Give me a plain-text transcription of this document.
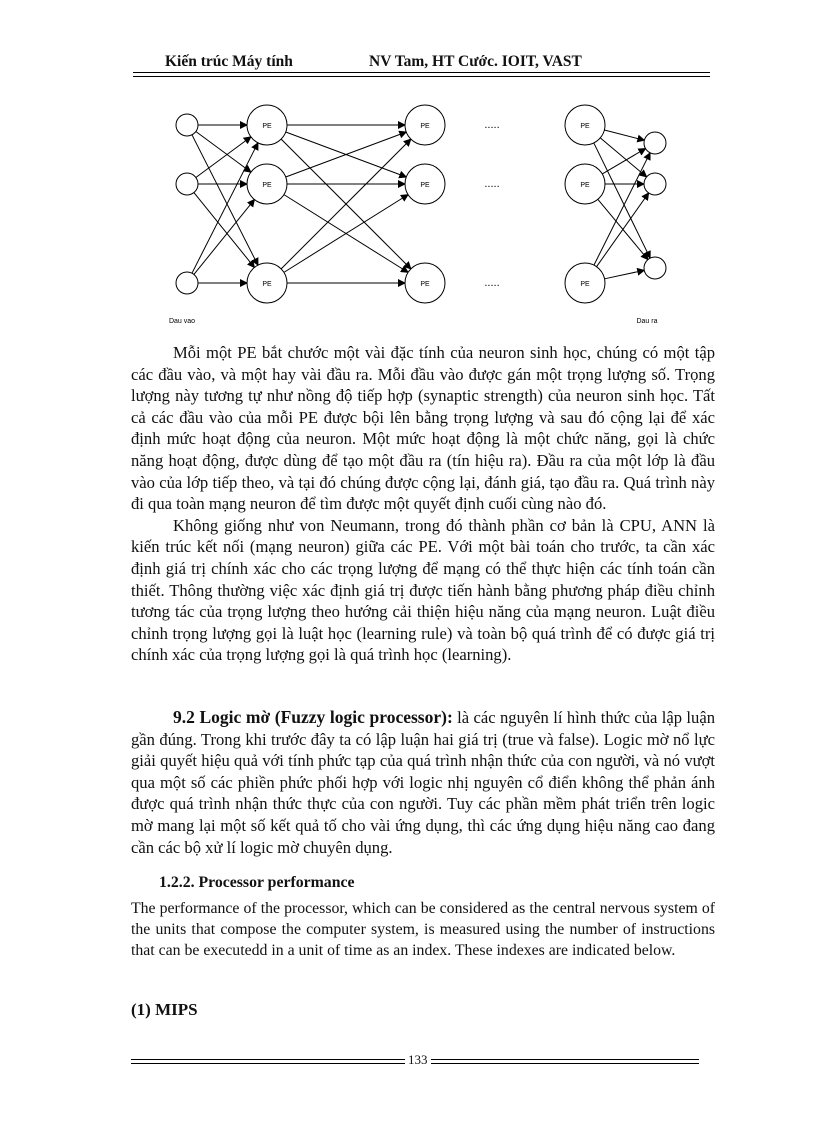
Kiến trúc Máy tính	NV Tam, HT Cước. IOIT, VAST
PE
PE
PE
PE
PE
PE
PE
PE
PE
.....
.....
.....
Dau vao	Dau ra

Mỗi một PE bắt chước một vài đặc tính của neuron sinh học, chúng có một tập các đầu vào, và một hay vài đầu ra. Mỗi đầu vào được gán một trọng lượng số. Trọng lượng này tương tự như nồng độ tiếp hợp (synaptic strength) của neuron sinh học. Tất cả các đầu vào của mỗi PE được bội lên bằng trọng lượng và sau đó cộng lại để xác định mức hoạt động của neuron. Một mức hoạt động là một chức năng, gọi là chức năng hoạt động, được dùng để tạo một đầu ra (tín hiệu ra). Đầu ra của một lớp là đầu vào của lớp tiếp theo, và tại đó chúng được cộng lại, đánh giá, tạo đầu ra. Quá trình này đi qua toàn mạng neuron để tìm được một quyết định cuối cùng nào đó.

Không giống như von Neumann, trong đó thành phần cơ bản là CPU, ANN là kiến trúc kết nối (mạng neuron) giữa các PE. Với một bài toán cho trước, ta cần xác định giá trị chính xác cho các trọng lượng để mạng có thể thực hiện các tính toán cần thiết. Thông thường việc xác định giá trị được tiến hành bằng phương pháp điều chỉnh tương tác của trọng lượng theo hướng cải thiện hiệu năng của mạng neuron. Luật điều chỉnh trọng lượng gọi là luật học (learning rule) và toàn bộ quá trình để có được giá trị chính xác của trọng lượng gọi là quá trình học (learning).

9.2 Logic mờ (Fuzzy logic processor): là các nguyên lí hình thức của lập luận gần đúng. Trong khi trước đây ta có lập luận hai giá trị (true và false). Logic mờ nổ lực giải quyết hiệu quả với tính phức tạp của quá trình nhận thức của con người, và nó vượt qua một số các phiền phức phối hợp với logic nhị nguyên cổ điển không thể phản ánh được quá trình nhận thức thực của con người. Tuy các phần mềm phát triển trên logic mờ mang lại một số kết quả tố cho vài ứng dụng, thì các ứng dụng hiệu năng cao đang cần các bộ xử lí logic mờ chuyên dụng.

1.2.2. Processor performance

The performance of the processor, which can be considered as the central nervous system of the units that compose the computer system, is measured using the number of instructions that can be executedd in a unit of time as an index. These indexes are indicated below.

(1) MIPS
133
